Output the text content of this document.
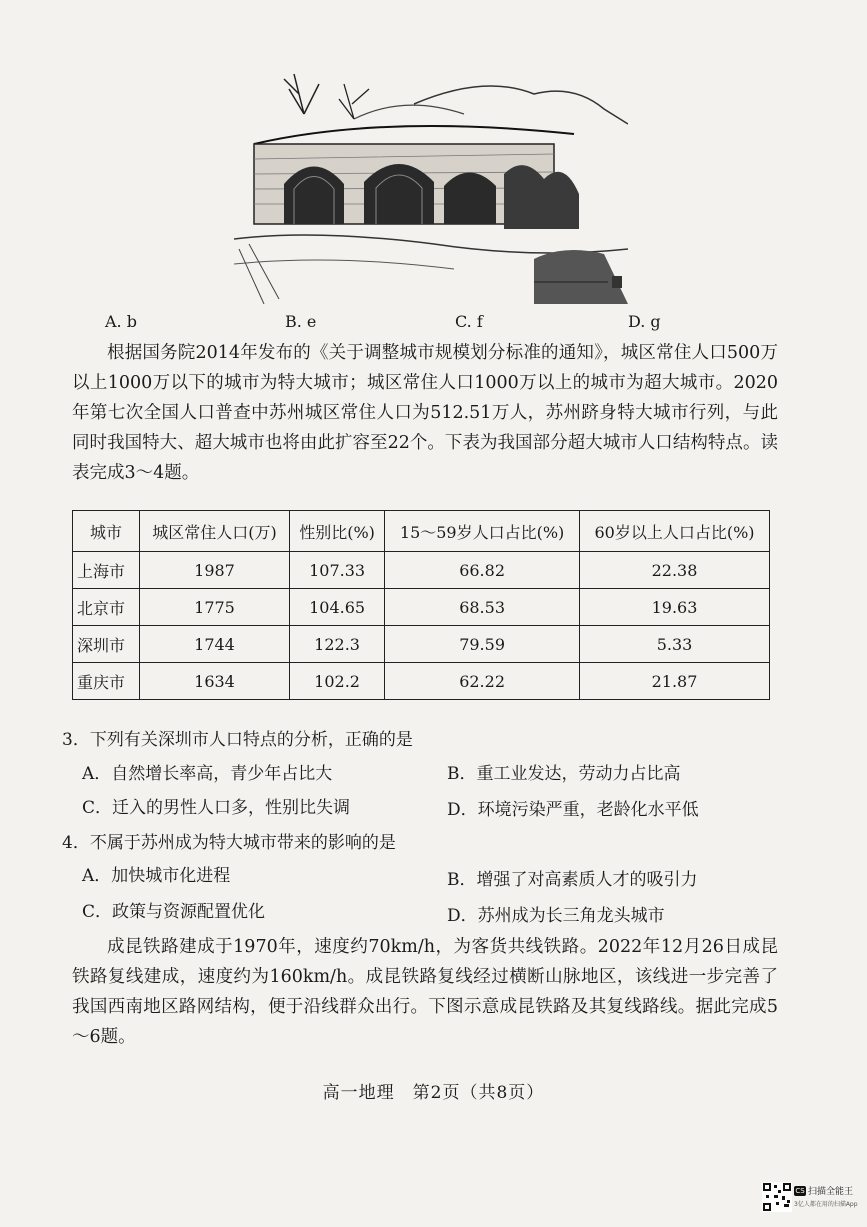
A. b	B. e	C. f	D. g
根据国务院2014年发布的《关于调整城市规模划分标准的通知》，城区常住人口500万以上1000万以下的城市为特大城市；城区常住人口1000万以上的城市为超大城市。2020年第七次全国人口普查中苏州城区常住人口为512.51万人，苏州跻身特大城市行列，与此同时我国特大、超大城市也将由此扩容至22个。下表为我国部分超大城市人口结构特点。读表完成3～4题。
城市	城区常住人口(万)	性别比(%)	15～59岁人口占比(%)	60岁以上人口占比(%)
上海市	1987	107.33	66.82	22.38
北京市	1775	104.65	68.53	19.63
深圳市	1744	122.3	79.59	5.33
重庆市	1634	102.2	62.22	21.87
3．下列有关深圳市人口特点的分析，正确的是
A．自然增长率高，青少年占比大	B．重工业发达，劳动力占比高
C．迁入的男性人口多，性别比失调	D．环境污染严重，老龄化水平低
4．不属于苏州成为特大城市带来的影响的是
A．加快城市化进程	B．增强了对高素质人才的吸引力
C．政策与资源配置优化	D．苏州成为长三角龙头城市
成昆铁路建成于1970年，速度约70km/h，为客货共线铁路。2022年12月26日成昆铁路复线建成，速度约为160km/h。成昆铁路复线经过横断山脉地区，该线进一步完善了我国西南地区路网结构，便于沿线群众出行。下图示意成昆铁路及其复线路线。据此完成5～6题。
高一地理　第2页（共8页）
CS 扫描全能王
3亿人都在用的扫描App
